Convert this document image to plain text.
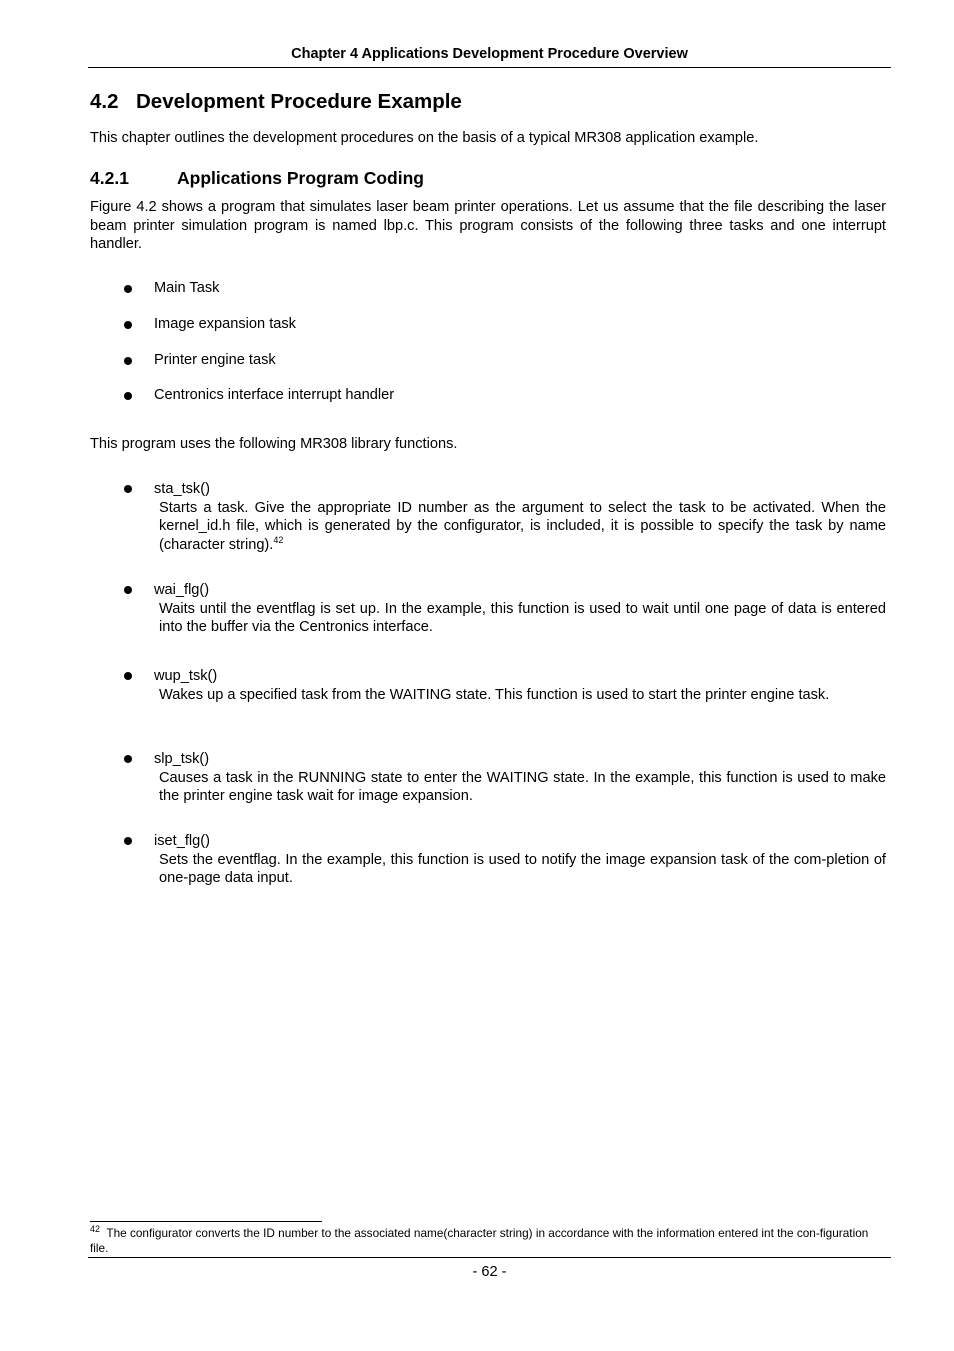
Chapter 4 Applications Development Procedure Overview
4.2 Development Procedure Example
This chapter outlines the development procedures on the basis of a typical MR308 application example.
4.2.1	Applications Program Coding
Figure 4.2 shows a program that simulates laser beam printer operations. Let us assume that the file describing the laser beam printer simulation program is named lbp.c. This program consists of the following three tasks and one interrupt handler.
Main Task
Image expansion task
Printer engine task
Centronics interface interrupt handler
This program uses the following MR308 library functions.
sta_tsk()
Starts a task. Give the appropriate ID number as the argument to select the task to be activated. When the kernel_id.h file, which is generated by the configurator, is included, it is possible to specify the task by name (character string).$^{42}$
wai_flg()
Waits until the eventflag is set up. In the example, this function is used to wait until one page of data is entered into the buffer via the Centronics interface.
wup_tsk()
Wakes up a specified task from the WAITING state. This function is used to start the printer engine task.
slp_tsk()
Causes a task in the RUNNING state to enter the WAITING state. In the example, this function is used to make the printer engine task wait for image expansion.
iset_flg()
Sets the eventflag. In the example, this function is used to notify the image expansion task of the com-pletion of one-page data input.
$^{42}$ The configurator converts the ID number to the associated name(character string) in accordance with the information entered int the con-figuration file.
- 62 -
